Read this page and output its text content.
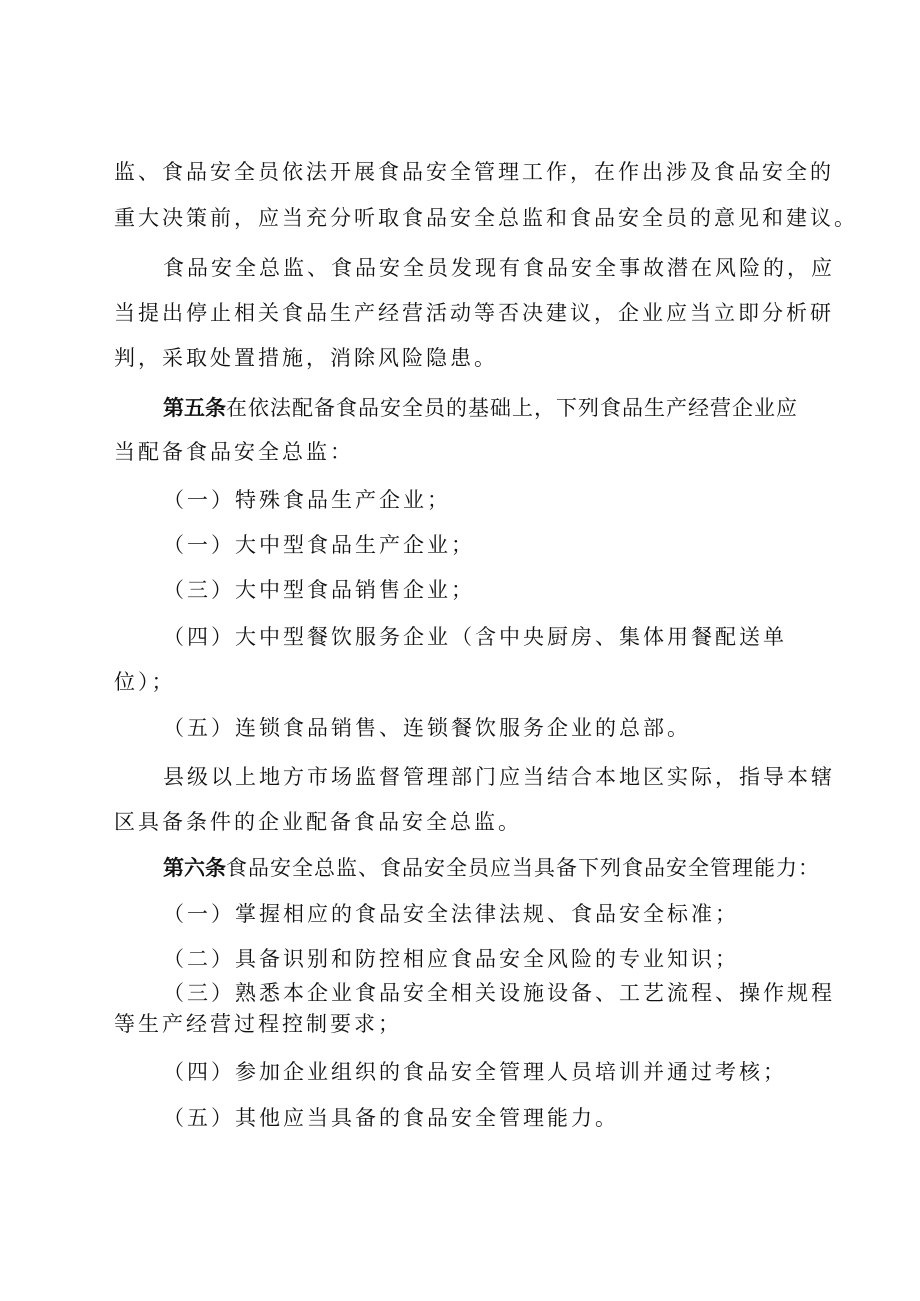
监、食品安全员依法开展食品安全管理工作，在作出涉及食品安全的
重大决策前，应当充分听取食品安全总监和食品安全员的意见和建议。
食品安全总监、食品安全员发现有食品安全事故潜在风险的，应
当提出停止相关食品生产经营活动等否决建议，企业应当立即分析研
判，采取处置措施，消除风险隐患。
第五条在依法配备食品安全员的基础上，下列食品生产经营企业应
当配备食品安全总监：
（一）特殊食品生产企业；
（一）大中型食品生产企业；
（三）大中型食品销售企业；
（四）大中型餐饮服务企业（含中央厨房、集体用餐配送单
位）；
（五）连锁食品销售、连锁餐饮服务企业的总部。
县级以上地方市场监督管理部门应当结合本地区实际，指导本辖
区具备条件的企业配备食品安全总监。
第六条食品安全总监、食品安全员应当具备下列食品安全管理能力：
（一）掌握相应的食品安全法律法规、食品安全标准；
（二）具备识别和防控相应食品安全风险的专业知识；
（三）熟悉本企业食品安全相关设施设备、工艺流程、操作规程
等生产经营过程控制要求；
（四）参加企业组织的食品安全管理人员培训并通过考核；
（五）其他应当具备的食品安全管理能力。
